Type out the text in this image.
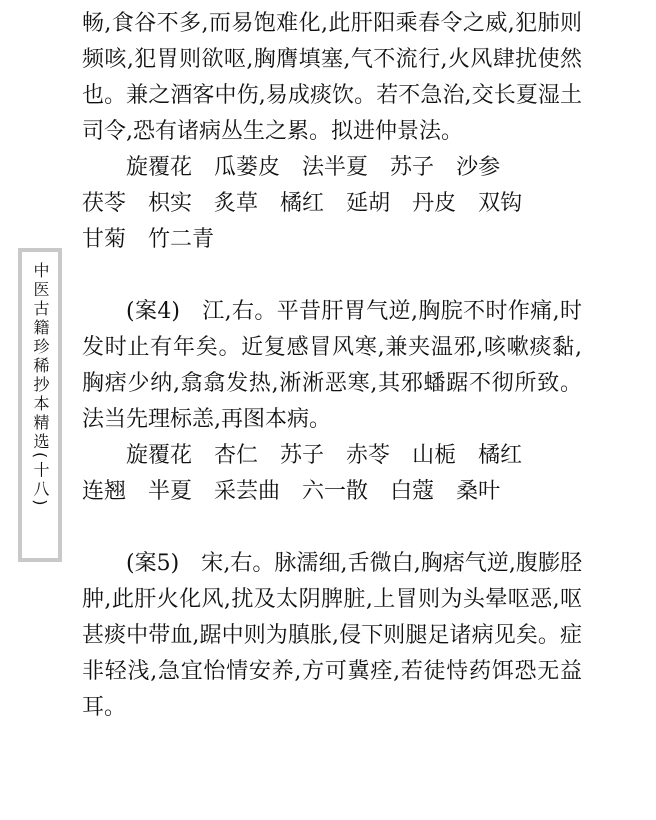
中医古籍珍稀抄本精选(十八)

畅,食谷不多,而易饱难化,此肝阳乘春令之威,犯肺则频咳,犯胃则欲呕,胸膺填塞,气不流行,火风肆扰使然也。兼之酒客中伤,易成痰饮。若不急治,交长夏湿土司令,恐有诸病丛生之累。拟进仲景法。

旋覆花 瓜蒌皮 法半夏 苏子 沙参
茯苓 枳实 炙草 橘红 延胡 丹皮 双钩
甘菊 竹二青

(案4)  江,右。平昔肝胃气逆,胸脘不时作痛,时发时止有年矣。近复感冒风寒,兼夹温邪,咳嗽痰黏,胸痞少纳,翕翕发热,淅淅恶寒,其邪蟠踞不彻所致。法当先理标恙,再图本病。

旋覆花 杏仁 苏子 赤苓 山栀 橘红
连翘 半夏 采芸曲 六一散 白蔻 桑叶

(案5)  宋,右。脉濡细,舌微白,胸痞气逆,腹膨胫肿,此肝火化风,扰及太阴脾脏,上冒则为头晕呕恶,呕甚痰中带血,踞中则为䐜胀,侵下则腿足诸病见矣。症非轻浅,急宜怡情安养,方可冀痊,若徒恃药饵恐无益耳。
